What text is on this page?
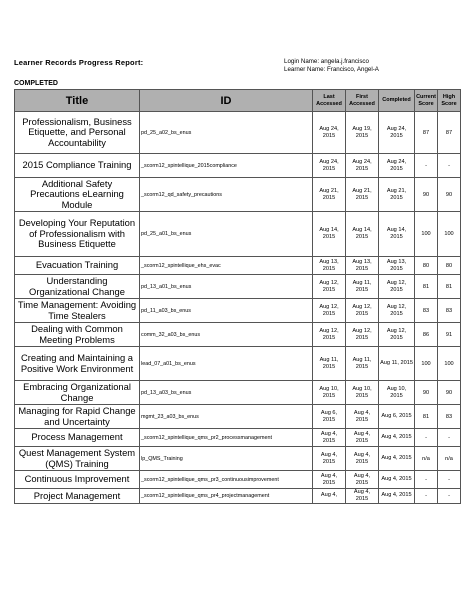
Learner Records Progress Report:	Login Name: angela.j.francisco
Learner Name: Francisco, Angel-A
COMPLETED
Title	ID	Last Accessed	First Accessed	Completed	Current Score	High Score
Professionalism, Business Etiquette, and Personal Accountability	pd_25_a02_bs_enus	Aug 24, 2015	Aug 19, 2015	Aug 24, 2015	87	87
2015 Compliance Training	_scorm12_spintellique_2015compliance	Aug 24, 2015	Aug 24, 2015	Aug 24, 2015	-	-
Additional Safety Precautions eLearning Module	_scorm12_qd_safety_precautions	Aug 21, 2015	Aug 21, 2015	Aug 21, 2015	90	90
Developing Your Reputation of Professionalism with Business Etiquette	pd_25_a01_bs_enus	Aug 14, 2015	Aug 14, 2015	Aug 14, 2015	100	100
Evacuation Training	_scorm12_spintellique_ehs_evac	Aug 13, 2015	Aug 13, 2015	Aug 13, 2015	80	80
Understanding Organizational Change	pd_13_a01_bs_enus	Aug 12, 2015	Aug 11, 2015	Aug 12, 2015	81	81
Time Management: Avoiding Time Stealers	pd_11_a03_bs_enus	Aug 12, 2015	Aug 12, 2015	Aug 12, 2015	83	83
Dealing with Common Meeting Problems	comm_32_a03_bs_enus	Aug 12, 2015	Aug 12, 2015	Aug 12, 2015	86	91
Creating and Maintaining a Positive Work Environment	lead_07_a01_bs_enus	Aug 11, 2015	Aug 11, 2015	Aug 11, 2015	100	100
Embracing Organizational Change	pd_13_a03_bs_enus	Aug 10, 2015	Aug 10, 2015	Aug 10, 2015	90	90
Managing for Rapid Change and Uncertainty	mgmt_23_a03_bs_enus	Aug 6, 2015	Aug 4, 2015	Aug 6, 2015	81	83
Process Management	_scorm12_spintellique_qms_pr2_processmanagement	Aug 4, 2015	Aug 4, 2015	Aug 4, 2015	-	-
Quest Management System (QMS) Training	lp_QMS_Training	Aug 4, 2015	Aug 4, 2015	Aug 4, 2015	n/a	n/a
Continuous Improvement	_scorm12_spintellique_qms_pr3_continuousimprovement	Aug 4, 2015	Aug 4, 2015	Aug 4, 2015	-	-
Project Management	_scorm12_spintellique_qms_pr4_projectmanagement	Aug 4,	Aug 4, 2015	Aug 4, 2015	-	-
